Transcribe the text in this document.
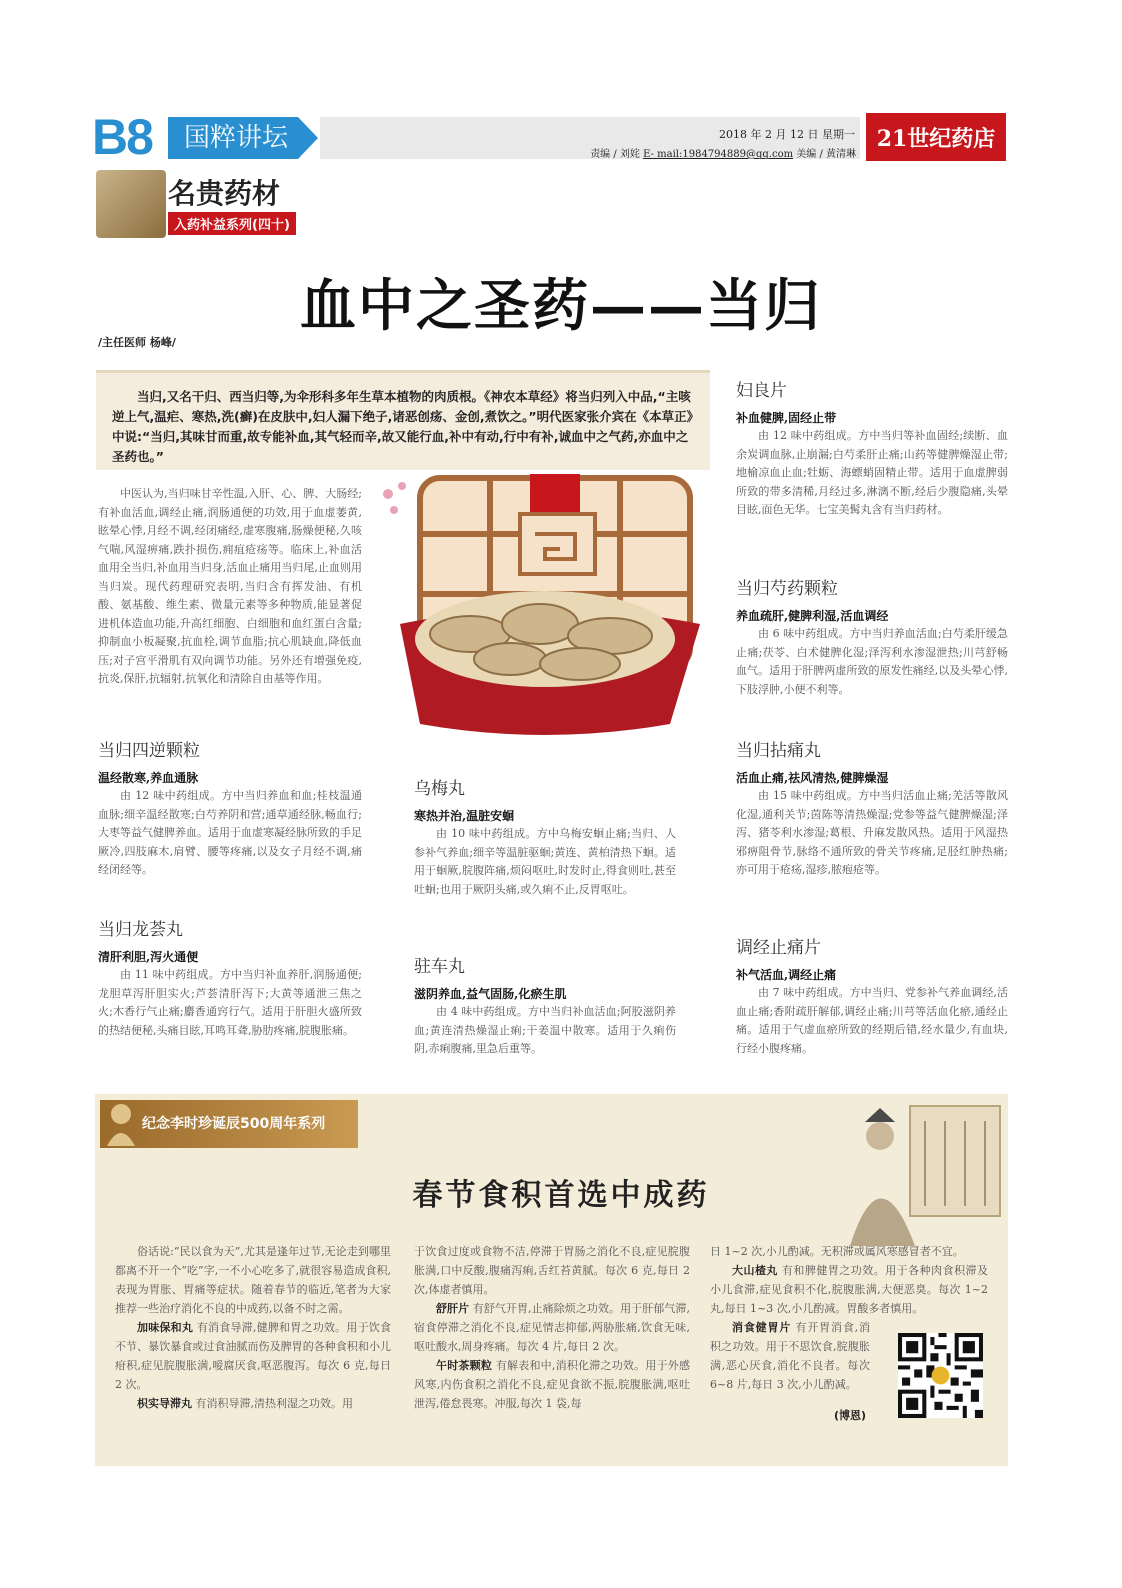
B8	国粹讲坛	2018 年 2 月 12 日 星期一
责编 / 刘姹 E- mail:1984794889@qq.com 美编 / 黄清琳
21世纪药店
名贵药材
入药补益系列(四十)
血中之圣药——当归
/主任医师 杨峰/
当归,又名干归、西当归等,为伞形科多年生草本植物的肉质根。《神农本草经》将当归列入中品,“主咳逆上气,温疟、寒热,洗(癣)在皮肤中,妇人漏下绝子,诸恶创疡、金创,煮饮之。”明代医家张介宾在《本草正》中说:“当归,其味甘而重,故专能补血,其气轻而辛,故又能行血,补中有动,行中有补,诚血中之气药,亦血中之圣药也。”

中医认为,当归味甘辛性温,入肝、心、脾、大肠经;有补血活血,调经止痛,润肠通便的功效,用于血虚萎黄,眩晕心悸,月经不调,经闭痛经,虚寒腹痛,肠燥便秘,久咳气喘,风湿痹痛,跌扑损伤,痈疽疮疡等。临床上,补血活血用全当归,补血用当归身,活血止痛用当归尾,止血则用当归炭。现代药理研究表明,当归含有挥发油、有机酸、氨基酸、维生素、微量元素等多种物质,能显著促进机体造血功能,升高红细胞、白细胞和血红蛋白含量;抑制血小板凝聚,抗血栓,调节血脂;抗心肌缺血,降低血压;对子宫平滑肌有双向调节功能。另外还有增强免疫,抗炎,保肝,抗辐射,抗氧化和清除自由基等作用。

当归四逆颗粒
温经散寒,养血通脉

由 12 味中药组成。方中当归养血和血;桂枝温通血脉;细辛温经散寒;白芍养阴和营;通草通经脉,畅血行;大枣等益气健脾养血。适用于血虚寒凝经脉所致的手足厥冷,四肢麻木,肩臂、腰等疼痛,以及女子月经不调,痛经闭经等。

当归龙荟丸
清肝利胆,泻火通便

由 11 味中药组成。方中当归补血养肝,润肠通便;龙胆草泻肝胆实火;芦荟清肝泻下;大黄等通泄三焦之火;木香行气止痛;麝香通窍行气。适用于肝胆火盛所致的热结便秘,头痛目眩,耳鸣耳聋,胁肋疼痛,脘腹胀痛。

乌梅丸
寒热并治,温脏安蛔

由 10 味中药组成。方中乌梅安蛔止痛;当归、人参补气养血;细辛等温脏驱蛔;黄连、黄柏清热下蛔。适用于蛔厥,脘腹阵痛,烦闷呕吐,时发时止,得食则吐,甚至吐蛔;也用于厥阴头痛,或久痢不止,反胃呕吐。

驻车丸
滋阴养血,益气固肠,化瘀生肌

由 4 味中药组成。方中当归补血活血;阿胶滋阴养血;黄连清热燥湿止痢;干姜温中散寒。适用于久痢伤阴,赤痢腹痛,里急后重等。

妇良片
补血健脾,固经止带

由 12 味中药组成。方中当归等补血固经;续断、血余炭调血脉,止崩漏;白芍柔肝止痛;山药等健脾燥湿止带;地榆凉血止血;牡蛎、海螵蛸固精止带。适用于血虚脾弱所致的带多清稀,月经过多,淋漓不断,经后少腹隐痛,头晕目眩,面色无华。七宝美髯丸含有当归药材。

当归芍药颗粒
养血疏肝,健脾利湿,活血调经

由 6 味中药组成。方中当归养血活血;白芍柔肝缓急止痛;茯苓、白术健脾化湿;泽泻利水渗湿泄热;川芎舒畅血气。适用于肝脾两虚所致的原发性痛经,以及头晕心悸,下肢浮肿,小便不利等。

当归拈痛丸
活血止痛,祛风清热,健脾燥湿

由 15 味中药组成。方中当归活血止痛;羌活等散风化湿,通利关节;茵陈等清热燥湿;党参等益气健脾燥湿;泽泻、猪苓利水渗湿;葛根、升麻发散风热。适用于风湿热邪痹阻骨节,脉络不通所致的骨关节疼痛,足胫红肿热痛;亦可用于疮疡,湿疹,脓疱疮等。

调经止痛片
补气活血,调经止痛

由 7 味中药组成。方中当归、党参补气养血调经,活血止痛;香附疏肝解郁,调经止痛;川芎等活血化瘀,通经止痛。适用于气虚血瘀所致的经期后错,经水量少,有血块,行经小腹疼痛。

纪念李时珍诞辰500周年系列
春节食积首选中成药

俗话说:“民以食为天”,尤其是逢年过节,无论走到哪里都离不开一个“吃”字,一不小心吃多了,就很容易造成食积,表现为胃胀、胃痛等症状。随着春节的临近,笔者为大家推荐一些治疗消化不良的中成药,以备不时之需。

加味保和丸 有消食导滞,健脾和胃之功效。用于饮食不节、暴饮暴食或过食油腻而伤及脾胃的各种食积和小儿疳积,症见脘腹胀满,嗳腐厌食,呕恶腹泻。每次 6 克,每日 2 次。

枳实导滞丸 有消积导滞,清热利湿之功效。用

于饮食过度或食物不洁,停滞于胃肠之消化不良,症见脘腹胀满,口中反酸,腹痛泻痢,舌红苔黄腻。每次 6 克,每日 2 次,体虚者慎用。

舒肝片 有舒气开胃,止痛除烦之功效。用于肝郁气滞,宿食停滞之消化不良,症见情志抑郁,两胁胀痛,饮食无味,呕吐酸水,周身疼痛。每次 4 片,每日 2 次。

午时茶颗粒 有解表和中,消积化滞之功效。用于外感风寒,内伤食积之消化不良,症见食欲不振,脘腹胀满,呕吐泄泻,倦怠畏寒。冲服,每次 1 袋,每

日 1~2 次,小儿酌减。无积滞或属风寒感冒者不宜。

大山楂丸 有和脾健胃之功效。用于各种肉食积滞及小儿食滞,症见食积不化,脘腹胀满,大便恶臭。每次 1~2 丸,每日 1~3 次,小儿酌减。胃酸多者慎用。

消食健胃片 有开胃消食,消积之功效。用于不思饮食,脘腹胀满,恶心厌食,消化不良者。每次 6~8 片,每日 3 次,小儿酌减。

(博恩)
